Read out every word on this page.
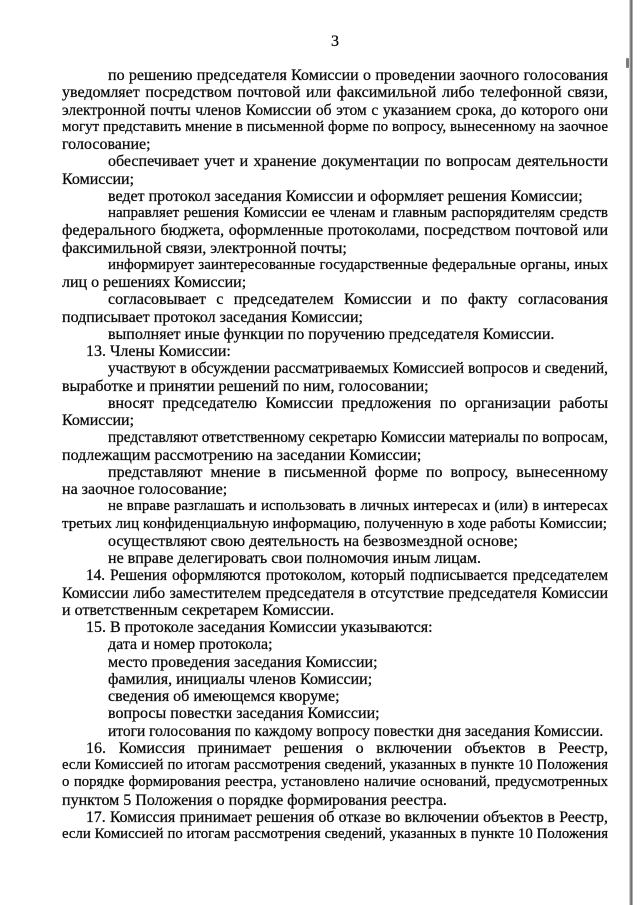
3
по решению председателя Комиссии о проведении заочного голосования
уведомляет посредством почтовой или факсимильной либо телефонной связи,
электронной почты членов Комиссии об этом с указанием срока, до которого они
могут представить мнение в письменной форме по вопросу, вынесенному на заочное
голосование;
обеспечивает учет и хранение документации по вопросам деятельности
Комиссии;
ведет протокол заседания Комиссии и оформляет решения Комиссии;
направляет решения Комиссии ее членам и главным распорядителям средств
федерального бюджета, оформленные протоколами, посредством почтовой или
факсимильной связи, электронной почты;
информирует заинтересованные государственные федеральные органы, иных
лиц о решениях Комиссии;
согласовывает с председателем Комиссии и по факту согласования
подписывает протокол заседания Комиссии;
выполняет иные функции по поручению председателя Комиссии.
13. Члены Комиссии:
участвуют в обсуждении рассматриваемых Комиссией вопросов и сведений,
выработке и принятии решений по ним, голосовании;
вносят председателю Комиссии предложения по организации работы
Комиссии;
представляют ответственному секретарю Комиссии материалы по вопросам,
подлежащим рассмотрению на заседании Комиссии;
представляют мнение в письменной форме по вопросу, вынесенному
на заочное голосование;
не вправе разглашать и использовать в личных интересах и (или) в интересах
третьих лиц конфиденциальную информацию, полученную в ходе работы Комиссии;
осуществляют свою деятельность на безвозмездной основе;
не вправе делегировать свои полномочия иным лицам.
14. Решения оформляются протоколом, который подписывается председателем
Комиссии либо заместителем председателя в отсутствие председателя Комиссии
и ответственным секретарем Комиссии.
15. В протоколе заседания Комиссии указываются:
дата и номер протокола;
место проведения заседания Комиссии;
фамилия, инициалы членов Комиссии;
сведения об имеющемся кворуме;
вопросы повестки заседания Комиссии;
итоги голосования по каждому вопросу повестки дня заседания Комиссии.
16. Комиссия принимает решения о включении объектов в Реестр,
если Комиссией по итогам рассмотрения сведений, указанных в пункте 10 Положения
о порядке формирования реестра, установлено наличие оснований, предусмотренных
пунктом 5 Положения о порядке формирования реестра.
17. Комиссия принимает решения об отказе во включении объектов в Реестр,
если Комиссией по итогам рассмотрения сведений, указанных в пункте 10 Положения
